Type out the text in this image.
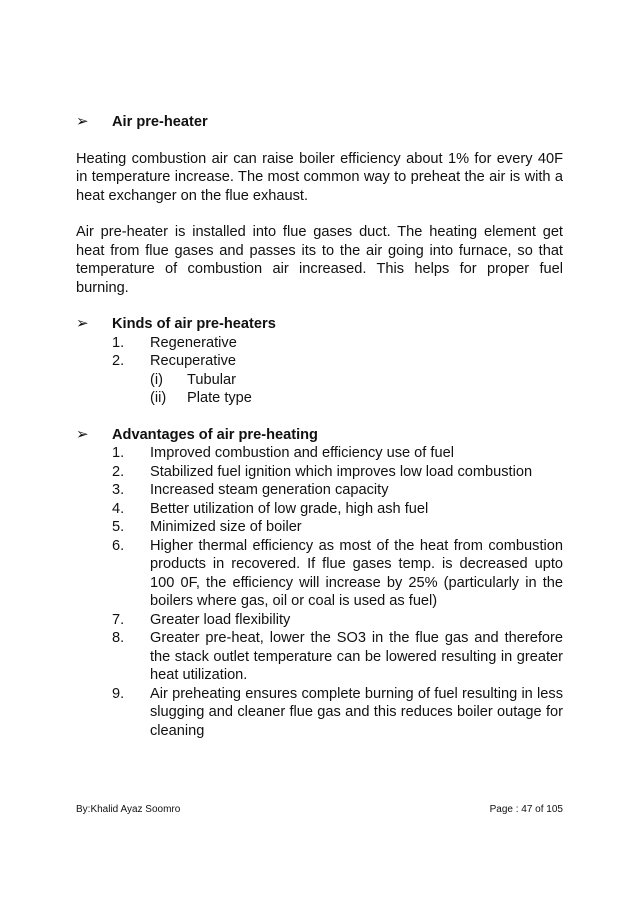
➢	Air pre-heater

Heating combustion air can raise boiler efficiency about 1% for every 40F in temperature increase. The most common way to preheat the air is with a heat exchanger on the flue exhaust.

Air pre-heater is installed into flue gases duct. The heating element get heat from flue gases and passes its to the air going into furnace, so that temperature of combustion air increased. This helps for proper fuel burning.

➢	Kinds of air pre-heaters
1.	Regenerative
2.	Recuperative
(i)	Tubular
(ii)	Plate type
➢	Advantages of air pre-heating
1.	Improved combustion and efficiency use of fuel
2.	Stabilized fuel ignition which improves low load combustion
3.	Increased steam generation capacity
4.	Better utilization of low grade, high ash fuel
5.	Minimized size of boiler
6.	Higher thermal efficiency as most of the heat from combustion products in recovered. If flue gases temp. is decreased upto 100 0F, the efficiency will increase by 25% (particularly in the boilers where gas, oil or coal is used as fuel)
7.	Greater load flexibility
8.	Greater pre-heat, lower the SO3 in the flue gas and therefore the stack outlet temperature can be lowered resulting in greater heat utilization.
9.	Air preheating ensures complete burning of fuel resulting in less slugging and cleaner flue gas and this reduces boiler outage for cleaning
By:Khalid Ayaz Soomro	Page : 47 of 105
